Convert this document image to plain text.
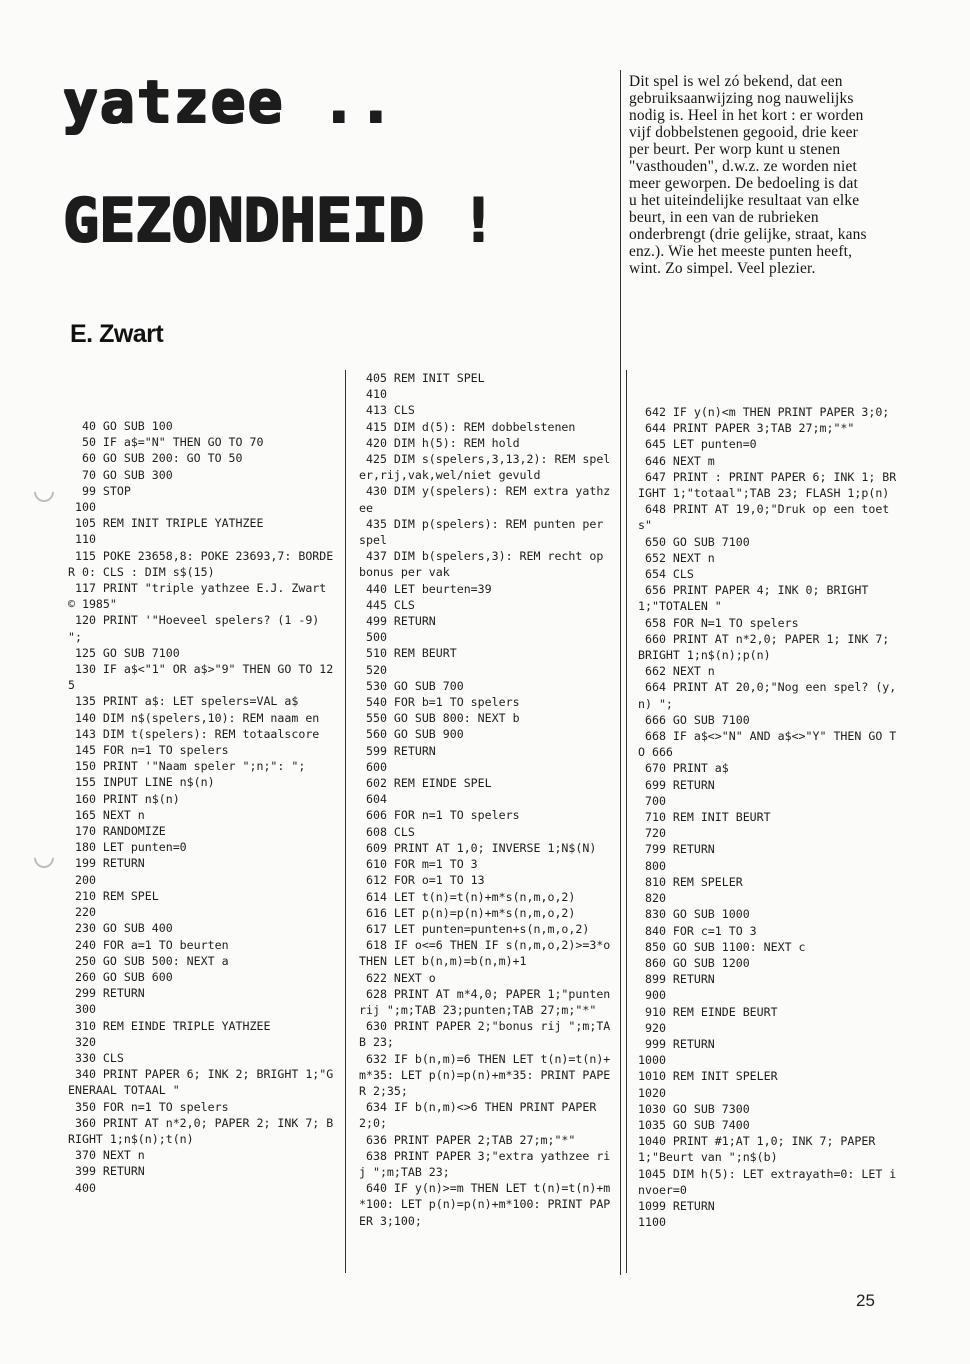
yatzee ..
GEZONDHEID !
E. Zwart

Dit spel is wel zó bekend, dat een gebruiksaanwijzing nog nauwelijks nodig is. Heel in het kort : er worden vijf dobbelstenen gegooid, drie keer per beurt. Per worp kunt u stenen "vasthouden", d.w.z. ze worden niet meer geworpen. De bedoeling is dat u het uiteindelijke resultaat van elke beurt, in een van de rubrieken onderbrengt (drie gelijke, straat, kans enz.). Wie het meeste punten heeft, wint. Zo simpel. Veel plezier.

40 GO SUB 100
50 IF a$="N" THEN GO TO 70
60 GO SUB 200: GO TO 50
70 GO SUB 300
99 STOP
100
105 REM INIT TRIPLE YATHZEE
110
115 POKE 23658,8: POKE 23693,7: BORDER 0: CLS : DIM s$(15)
117 PRINT "triple yathzee E.J. Zwart © 1985"
120 PRINT '"Hoeveel spelers? (1 -9) ";
125 GO SUB 7100
130 IF a$<"1" OR a$>"9" THEN GO TO 125
135 PRINT a$: LET spelers=VAL a$
140 DIM n$(spelers,10): REM naam en
143 DIM t(spelers): REM totaalscore
145 FOR n=1 TO spelers
150 PRINT '"Naam speler ";n;": ";
155 INPUT LINE n$(n)
160 PRINT n$(n)
165 NEXT n
170 RANDOMIZE
180 LET punten=0
199 RETURN
200
210 REM SPEL
220
230 GO SUB 400
240 FOR a=1 TO beurten
250 GO SUB 500: NEXT a
260 GO SUB 600
299 RETURN
300
310 REM EINDE TRIPLE YATHZEE
320
330 CLS
340 PRINT PAPER 6; INK 2; BRIGHT 1;"GENERAAL TOTAAL "
350 FOR n=1 TO spelers
360 PRINT AT n*2,0; PAPER 2; INK 7; BRIGHT 1;n$(n);t(n)
370 NEXT n
399 RETURN
400
405 REM INIT SPEL
410
413 CLS
415 DIM d(5): REM dobbelstenen
420 DIM h(5): REM hold
425 DIM s(spelers,3,13,2): REM speler,rij,vak,wel/niet gevuld
430 DIM y(spelers): REM extra yathzee
435 DIM p(spelers): REM punten per spel
437 DIM b(spelers,3): REM recht op bonus per vak
440 LET beurten=39
445 CLS
499 RETURN
500
510 REM BEURT
520
530 GO SUB 700
540 FOR b=1 TO spelers
550 GO SUB 800: NEXT b
560 GO SUB 900
599 RETURN
600
602 REM EINDE SPEL
604
606 FOR n=1 TO spelers
608 CLS
609 PRINT AT 1,0; INVERSE 1;N$(N)
610 FOR m=1 TO 3
612 FOR o=1 TO 13
614 LET t(n)=t(n)+m*s(n,m,o,2)
616 LET p(n)=p(n)+m*s(n,m,o,2)
617 LET punten=punten+s(n,m,o,2)
618 IF o<=6 THEN IF s(n,m,o,2)>=3*o THEN LET b(n,m)=b(n,m)+1
622 NEXT o
628 PRINT AT m*4,0; PAPER 1;"punten rij ";m;TAB 23;punten;TAB 27;m;"*"
630 PRINT PAPER 2;"bonus rij ";m;TAB 23;
632 IF b(n,m)=6 THEN LET t(n)=t(n)+m*35: LET p(n)=p(n)+m*35: PRINT PAPER 2;35;
634 IF b(n,m)<>6 THEN PRINT PAPER 2;0;
636 PRINT PAPER 2;TAB 27;m;"*"
638 PRINT PAPER 3;"extra yathzee rij ";m;TAB 23;
640 IF y(n)>=m THEN LET t(n)=t(n)+m*100: LET p(n)=p(n)+m*100: PRINT PAPER 3;100;
642 IF y(n)<m THEN PRINT PAPER 3;0;
644 PRINT PAPER 3;TAB 27;m;"*"
645 LET punten=0
646 NEXT m
647 PRINT : PRINT PAPER 6; INK 1; BRIGHT 1;"totaal";TAB 23; FLASH 1;p(n)
648 PRINT AT 19,0;"Druk op een toets"
650 GO SUB 7100
652 NEXT n
654 CLS
656 PRINT PAPER 4; INK 0; BRIGHT 1;"TOTALEN "
658 FOR N=1 TO spelers
660 PRINT AT n*2,0; PAPER 1; INK 7; BRIGHT 1;n$(n);p(n)
662 NEXT n
664 PRINT AT 20,0;"Nog een spel? (y,n) ";
666 GO SUB 7100
668 IF a$<>"N" AND a$<>"Y" THEN GO TO 666
670 PRINT a$
699 RETURN
700
710 REM INIT BEURT
720
799 RETURN
800
810 REM SPELER
820
830 GO SUB 1000
840 FOR c=1 TO 3
850 GO SUB 1100: NEXT c
860 GO SUB 1200
899 RETURN
900
910 REM EINDE BEURT
920
999 RETURN
1000
1010 REM INIT SPELER
1020
1030 GO SUB 7300
1035 GO SUB 7400
1040 PRINT #1;AT 1,0; INK 7; PAPER 1;"Beurt van ";n$(b)
1045 DIM h(5): LET extrayath=0: LET invoer=0
1099 RETURN
1100
25
